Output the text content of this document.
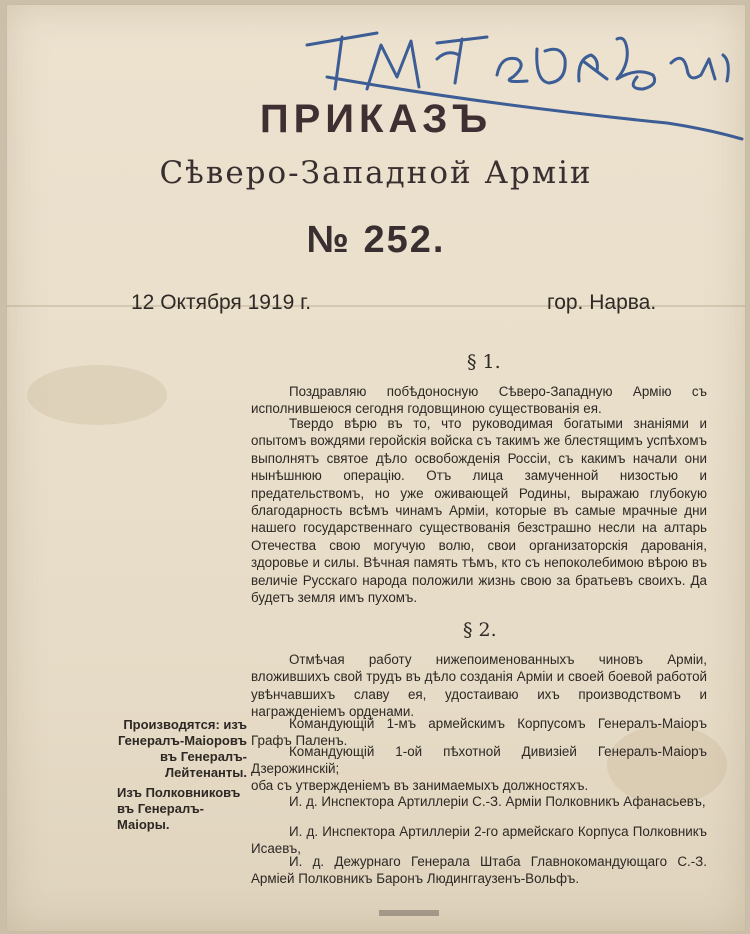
Г. М. Корон Вамъ
ПРИКАЗЪ
Сѣверо-Западной Арміи
№ 252.
12 Октября 1919 г.	гор. Нарва.
§ 1.
Поздравляю побѣдоносную Сѣверо-Западную Армію съ исполнившеюся сегодня годовщиною существованія ея.
Твердо вѣрю въ то, что руководимая богатыми знаніями и опытомъ вождями геройскія войска съ такимъ же блестящимъ успѣхомъ выполнятъ святое дѣло освобожденія Россіи, съ какимъ начали они нынѣшнюю операцію. Отъ лица замученной низостью и предательствомъ, но уже оживающей Родины, выражаю глубокую благодарность всѣмъ чинамъ Арміи, которые въ самые мрачные дни нашего государственнаго существованія безстрашно несли на алтарь Отечества свою могучую волю, свои организаторскія дарованія, здоровье и силы. Вѣчная память тѣмъ, кто съ непоколебимою вѣрою въ величіе Русскаго народа положили жизнь свою за братьевъ своихъ. Да будетъ земля имъ пухомъ.
§ 2.
Отмѣчая работу нижепоименованныхъ чиновъ Арміи, вложившихъ свой трудъ въ дѣло созданія Арміи и своей боевой работой увѣнчавшихъ славу ея, удостаиваю ихъ производствомъ и награжденіемъ орденами.
Командующій 1-мъ армейскимъ Корпусомъ Генералъ-Маіоръ Графъ Паленъ.
Командующій 1-ой пѣхотной Дивизіей Генералъ-Маіоръ Дзерожинскій;
оба съ утвержденіемъ въ занимаемыхъ должностяхъ.
И. д. Инспектора Артиллеріи С.-З. Арміи Полковникъ Афанасьевъ,
И. д. Инспектора Артиллеріи 2-го армейскаго Корпуса Полковникъ Исаевъ,
И. д. Дежурнаго Генерала Штаба Главнокомандующаго С.-З. Арміей Полковникъ Баронъ Людинггаузенъ-Вольфъ.
Производятся: изъ Генералъ-Маіоровъ въ Генералъ-Лейтенанты.
Изъ Полковниковъ въ Генералъ-Маіоры.
